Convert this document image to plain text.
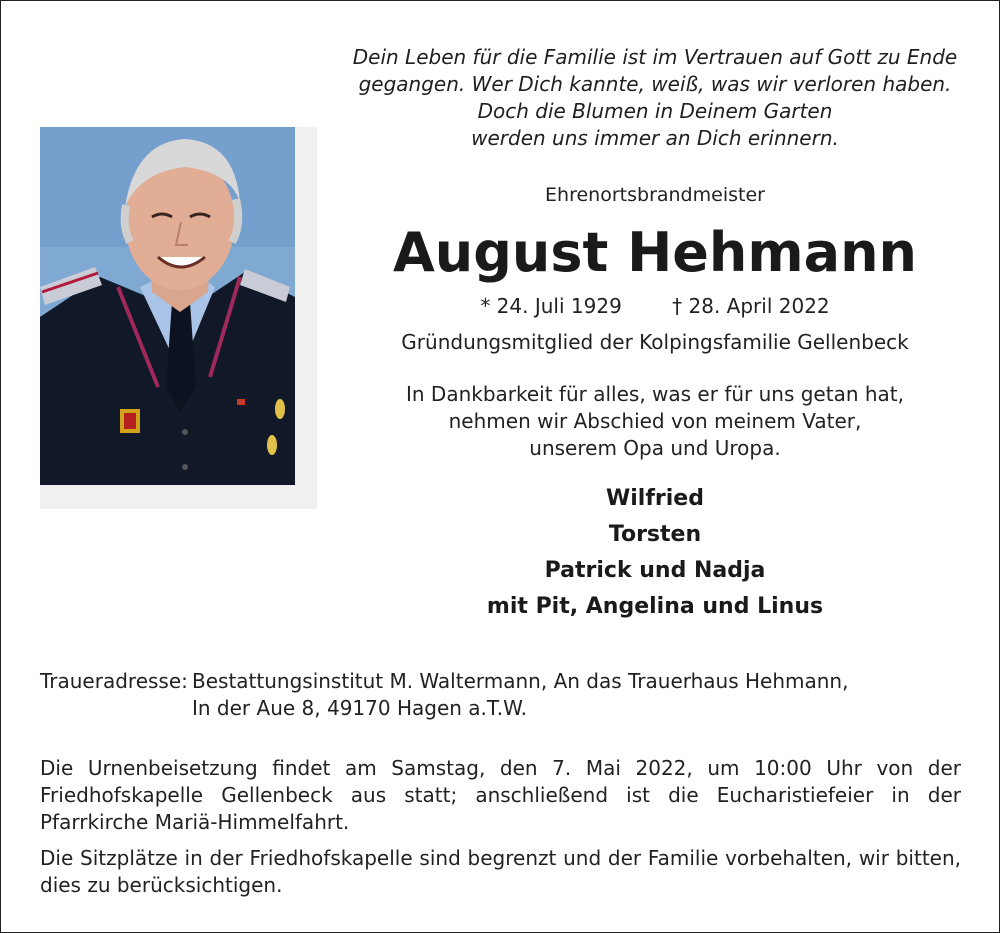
Dein Leben für die Familie ist im Vertrauen auf Gott zu Ende
gegangen. Wer Dich kannte, weiß, was wir verloren haben.
Doch die Blumen in Deinem Garten
werden uns immer an Dich erinnern.
Ehrenortsbrandmeister
August Hehmann
* 24. Juli 1929	† 28. April 2022
Gründungsmitglied der Kolpingsfamilie Gellenbeck
In Dankbarkeit für alles, was er für uns getan hat,
nehmen wir Abschied von meinem Vater,
unserem Opa und Uropa.
Wilfried
Torsten
Patrick und Nadja
mit Pit, Angelina und Linus
Traueradresse: Bestattungsinstitut M. Waltermann, An das Trauerhaus Hehmann,
In der Aue 8, 49170 Hagen a.T.W.
Die Urnenbeisetzung findet am Samstag, den 7. Mai 2022, um 10:00 Uhr von der Friedhofskapelle Gellenbeck aus statt; anschließend ist die Eucharistiefeier in der Pfarrkirche Mariä-Himmelfahrt.
Die Sitzplätze in der Friedhofskapelle sind begrenzt und der Familie vorbehalten, wir bitten, dies zu berücksichtigen.
